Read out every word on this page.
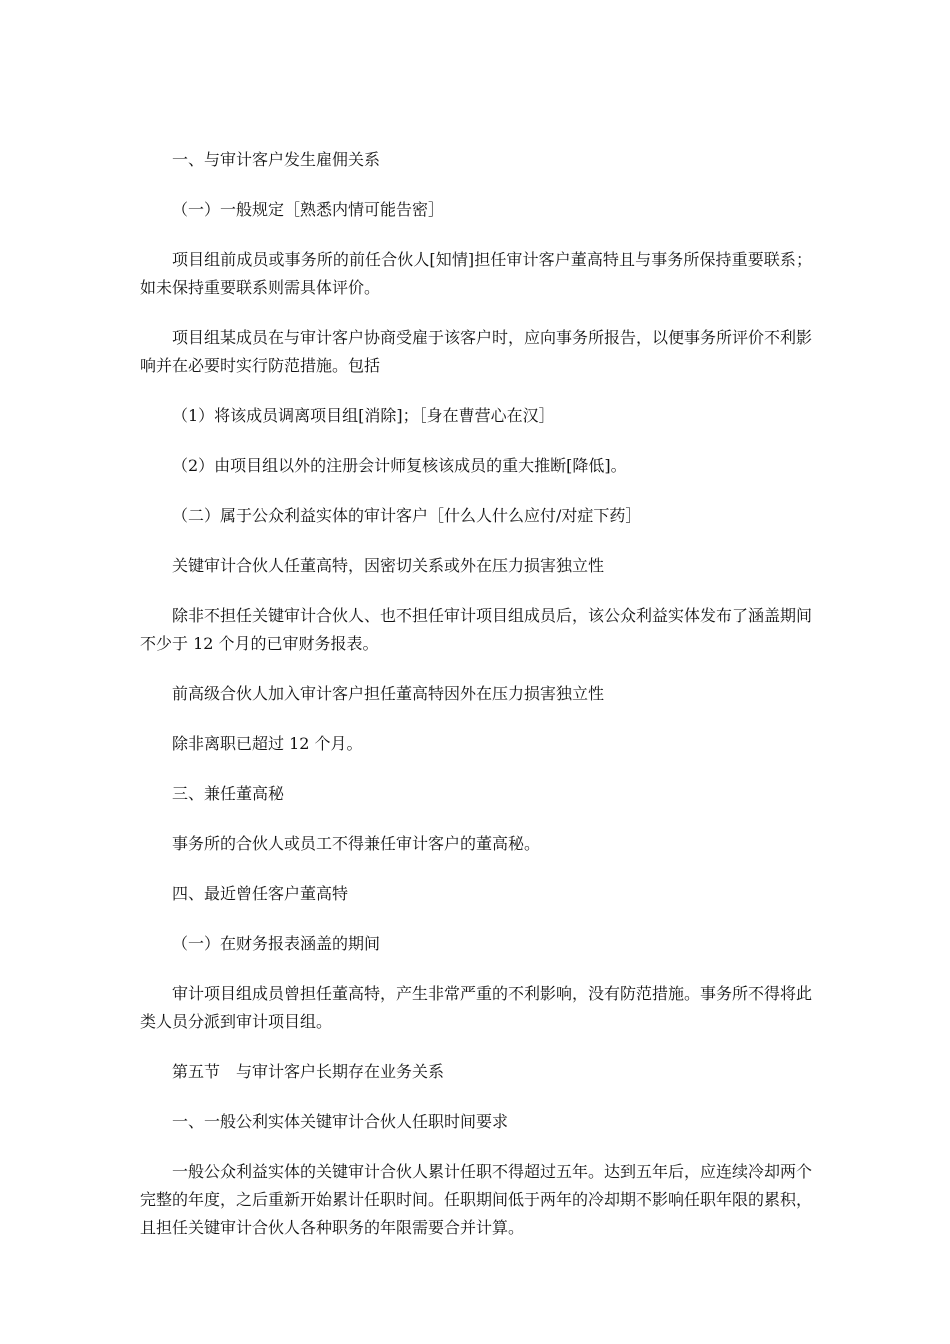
一、与审计客户发生雇佣关系

（一）一般规定［熟悉内情可能告密］

项目组前成员或事务所的前任合伙人[知情]担任审计客户董高特且与事务所保持重要联系；如未保持重要联系则需具体评价。

项目组某成员在与审计客户协商受雇于该客户时，应向事务所报告，以便事务所评价不利影响并在必要时实行防范措施。包括

（1）将该成员调离项目组[消除]；［身在曹营心在汉］

（2）由项目组以外的注册会计师复核该成员的重大推断[降低]。

（二）属于公众利益实体的审计客户［什么人什么应付/对症下药］

关键审计合伙人任董高特，因密切关系或外在压力损害独立性

除非不担任关键审计合伙人、也不担任审计项目组成员后，该公众利益实体发布了涵盖期间不少于 12 个月的已审财务报表。

前高级合伙人加入审计客户担任董高特因外在压力损害独立性

除非离职已超过 12 个月。

三、兼任董高秘

事务所的合伙人或员工不得兼任审计客户的董高秘。

四、最近曾任客户董高特

（一）在财务报表涵盖的期间

审计项目组成员曾担任董高特，产生非常严重的不利影响，没有防范措施。事务所不得将此类人员分派到审计项目组。

第五节　与审计客户长期存在业务关系

一、一般公利实体关键审计合伙人任职时间要求

一般公众利益实体的关键审计合伙人累计任职不得超过五年。达到五年后，应连续冷却两个完整的年度，之后重新开始累计任职时间。任职期间低于两年的冷却期不影响任职年限的累积，且担任关键审计合伙人各种职务的年限需要合并计算。
